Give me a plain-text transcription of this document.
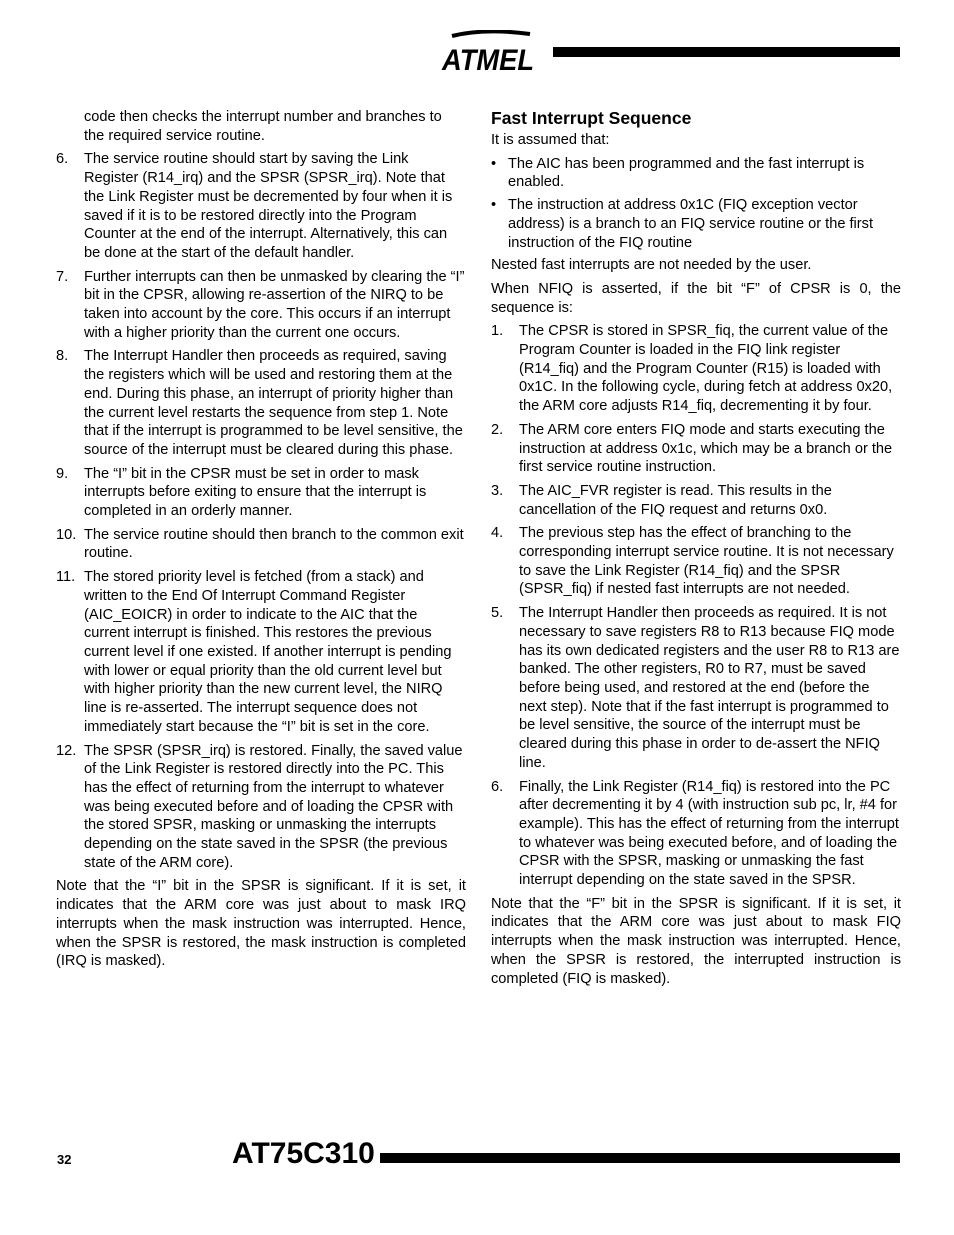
ATMEL

code then checks the interrupt number and branches to the required service routine.

6.	The service routine should start by saving the Link Register (R14_irq) and the SPSR (SPSR_irq). Note that the Link Register must be decremented by four when it is saved if it is to be restored directly into the Program Counter at the end of the interrupt. Alternatively, this can be done at the start of the default handler.
7.	Further interrupts can then be unmasked by clearing the “I” bit in the CPSR, allowing re-assertion of the NIRQ to be taken into account by the core. This occurs if an interrupt with a higher priority than the current one occurs.
8.	The Interrupt Handler then proceeds as required, saving the registers which will be used and restoring them at the end. During this phase, an interrupt of priority higher than the current level restarts the sequence from step 1. Note that if the interrupt is programmed to be level sensitive, the source of the interrupt must be cleared during this phase.
9.	The “I” bit in the CPSR must be set in order to mask interrupts before exiting to ensure that the interrupt is completed in an orderly manner.
10. The service routine should then branch to the common exit routine.
11. The stored priority level is fetched (from a stack) and written to the End Of Interrupt Command Register (AIC_EOICR) in order to indicate to the AIC that the current interrupt is finished. This restores the previous current level if one existed. If another interrupt is pending with lower or equal priority than the old current level but with higher priority than the new current level, the NIRQ line is re-asserted. The interrupt sequence does not immediately start because the “I” bit is set in the core.
12. The SPSR (SPSR_irq) is restored. Finally, the saved value of the Link Register is restored directly into the PC. This has the effect of returning from the interrupt to whatever was being executed before and of loading the CPSR with the stored SPSR, masking or unmasking the interrupts depending on the state saved in the SPSR (the previous state of the ARM core).

Note that the “I” bit in the SPSR is significant. If it is set, it indicates that the ARM core was just about to mask IRQ interrupts when the mask instruction was interrupted. Hence, when the SPSR is restored, the mask instruction is completed (IRQ is masked).

Fast Interrupt Sequence

It is assumed that:

• The AIC has been programmed and the fast interrupt is enabled.
• The instruction at address 0x1C (FIQ exception vector address) is a branch to an FIQ service routine or the first instruction of the FIQ routine

Nested fast interrupts are not needed by the user.

When NFIQ is asserted, if the bit “F” of CPSR is 0, the sequence is:

1.	The CPSR is stored in SPSR_fiq, the current value of the Program Counter is loaded in the FIQ link register (R14_fiq) and the Program Counter (R15) is loaded with 0x1C. In the following cycle, during fetch at address 0x20, the ARM core adjusts R14_fiq, decrementing it by four.
2.	The ARM core enters FIQ mode and starts executing the instruction at address 0x1c, which may be a branch or the first service routine instruction.
3.	The AIC_FVR register is read. This results in the cancellation of the FIQ request and returns 0x0.
4.	The previous step has the effect of branching to the corresponding interrupt service routine. It is not necessary to save the Link Register (R14_fiq) and the SPSR (SPSR_fiq) if nested fast interrupts are not needed.
5.	The Interrupt Handler then proceeds as required. It is not necessary to save registers R8 to R13 because FIQ mode has its own dedicated registers and the user R8 to R13 are banked. The other registers, R0 to R7, must be saved before being used, and restored at the end (before the next step). Note that if the fast interrupt is programmed to be level sensitive, the source of the interrupt must be cleared during this phase in order to de-assert the NFIQ line.
6.	Finally, the Link Register (R14_fiq) is restored into the PC after decrementing it by 4 (with instruction sub pc, lr, #4 for example). This has the effect of returning from the interrupt to whatever was being executed before, and of loading the CPSR with the SPSR, masking or unmasking the fast interrupt depending on the state saved in the SPSR.

Note that the “F” bit in the SPSR is significant. If it is set, it indicates that the ARM core was just about to mask FIQ interrupts when the mask instruction was interrupted. Hence, when the SPSR is restored, the interrupted instruction is completed (FIQ is masked).

32	AT75C310
